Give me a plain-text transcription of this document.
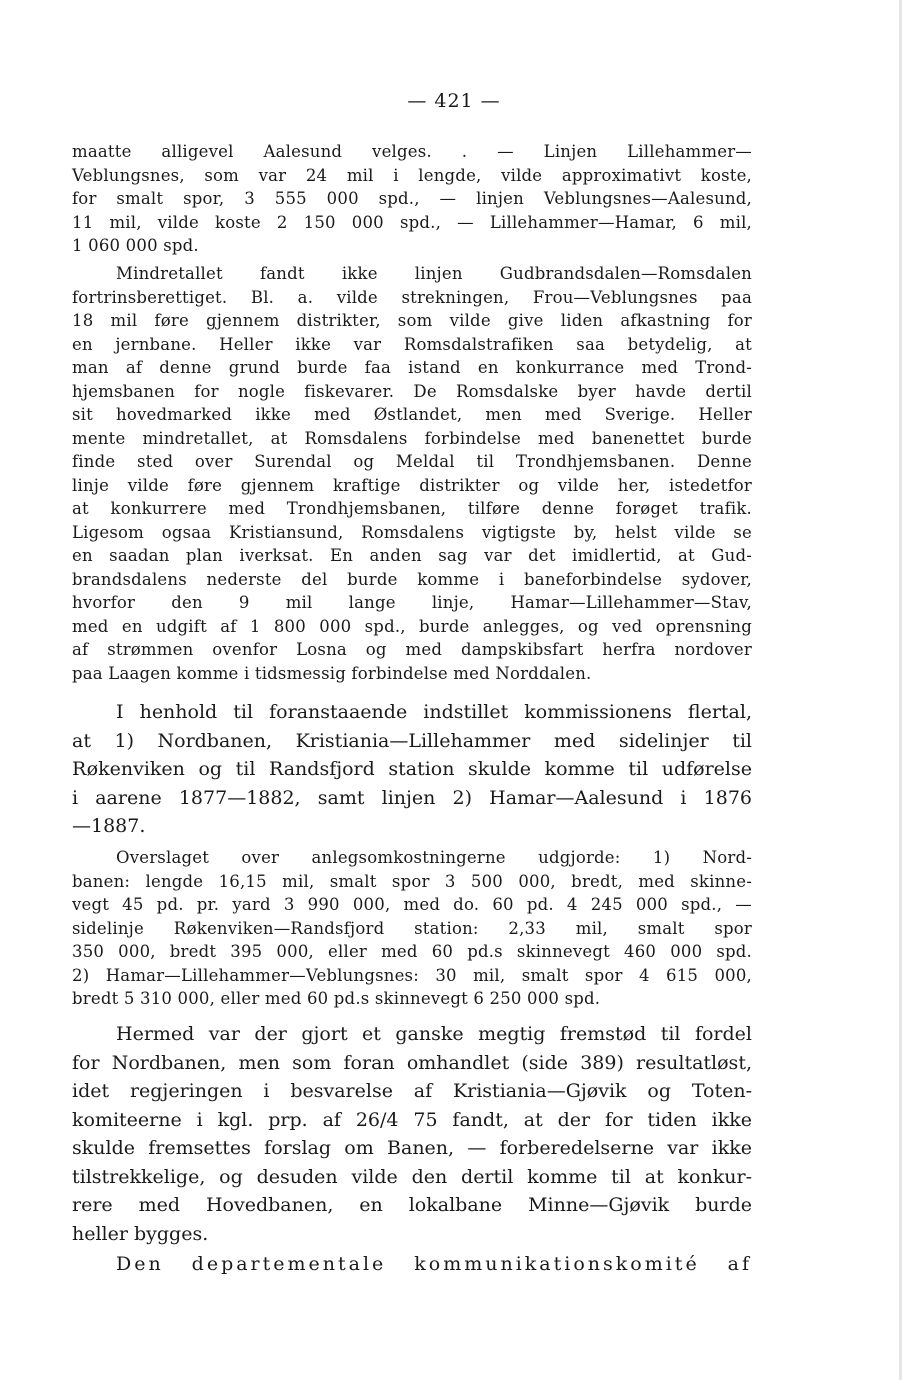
— 421 —
maatte alligevel Aalesund velges. . — Linjen Lillehammer—
Veblungsnes, som var 24 mil i lengde, vilde approximativt koste,
for smalt spor, 3 555 000 spd., — linjen Veblungsnes—Aalesund,
11 mil, vilde koste 2 150 000 spd., — Lillehammer—Hamar, 6 mil,
1 060 000 spd.
Mindretallet fandt ikke linjen Gudbrandsdalen—Romsdalen
fortrinsberettiget. Bl. a. vilde strekningen, Frou—Veblungsnes paa
18 mil føre gjennem distrikter, som vilde give liden afkastning for
en jernbane. Heller ikke var Romsdalstrafiken saa betydelig, at
man af denne grund burde faa istand en konkurrance med Trond-
hjemsbanen for nogle fiskevarer. De Romsdalske byer havde dertil
sit hovedmarked ikke med Østlandet, men med Sverige. Heller
mente mindretallet, at Romsdalens forbindelse med banenettet burde
finde sted over Surendal og Meldal til Trondhjemsbanen. Denne
linje vilde føre gjennem kraftige distrikter og vilde her, istedetfor
at konkurrere med Trondhjemsbanen, tilføre denne forøget trafik.
Ligesom ogsaa Kristiansund, Romsdalens vigtigste by, helst vilde se
en saadan plan iverksat. En anden sag var det imidlertid, at Gud-
brandsdalens nederste del burde komme i baneforbindelse sydover,
hvorfor den 9 mil lange linje, Hamar—Lillehammer—Stav,
med en udgift af 1 800 000 spd., burde anlegges, og ved oprensning
af strømmen ovenfor Losna og med dampskibsfart herfra nordover
paa Laagen komme i tidsmessig forbindelse med Norddalen.
I henhold til foranstaaende indstillet kommissionens flertal,
at 1) Nordbanen, Kristiania—Lillehammer med sidelinjer til
Røkenviken og til Randsfjord station skulde komme til udførelse
i aarene 1877—1882, samt linjen 2) Hamar—Aalesund i 1876
—1887.
Overslaget over anlegsomkostningerne udgjorde: 1) Nord-
banen: lengde 16,15 mil, smalt spor 3 500 000, bredt, med skinne-
vegt 45 pd. pr. yard 3 990 000, med do. 60 pd. 4 245 000 spd., —
sidelinje Røkenviken—Randsfjord station: 2,33 mil, smalt spor
350 000, bredt 395 000, eller med 60 pd.s skinnevegt 460 000 spd.
2) Hamar—Lillehammer—Veblungsnes: 30 mil, smalt spor 4 615 000,
bredt 5 310 000, eller med 60 pd.s skinnevegt 6 250 000 spd.
Hermed var der gjort et ganske megtig fremstød til fordel
for Nordbanen, men som foran omhandlet (side 389) resultatløst,
idet regjeringen i besvarelse af Kristiania—Gjøvik og Toten-
komiteerne i kgl. prp. af 26/4 75 fandt, at der for tiden ikke
skulde fremsettes forslag om Banen, — forberedelserne var ikke
tilstrekkelige, og desuden vilde den dertil komme til at konkur-
rere med Hovedbanen, en lokalbane Minne—Gjøvik burde
heller bygges.
Den departementale kommunikationskomité af
